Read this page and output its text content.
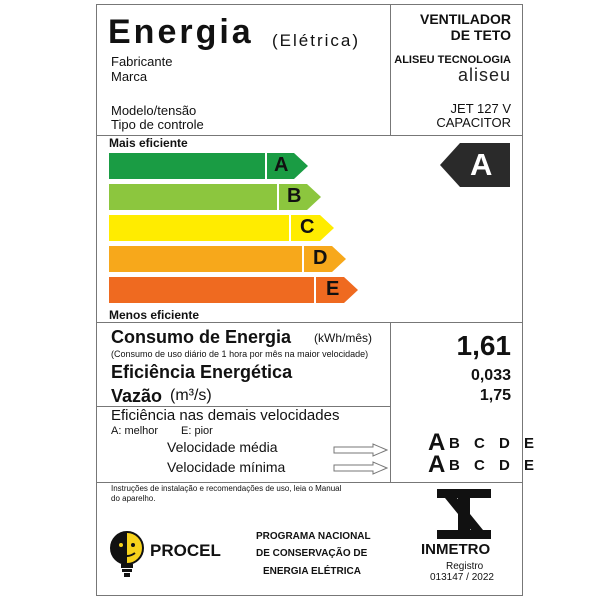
Energia (Elétrica)
Fabricante
Marca
Modelo/tensão
Tipo de controle
VENTILADOR
DE TETO
ALISEU TECNOLOGIA
aliseu
JET 127 V
CAPACITOR
Mais eficiente
A
B
C
D
E
A
Menos eficiente
Consumo de Energia (kWh/mês)
(Consumo de uso diário de 1 hora por mês na maior velocidade)	1,61
Eficiência Energética	0,033
Vazão (m³/s)	1,75
Eficiência nas demais velocidades
A: melhor E: pior
Velocidade média	A B C D E
Velocidade mínima	A B C D E
Instruções de instalação e recomendações de uso, leia o Manual
do aparelho.
PROCEL
PROGRAMA NACIONAL
DE CONSERVAÇÃO DE
ENERGIA ELÉTRICA
INMETRO
Registro
013147 / 2022
